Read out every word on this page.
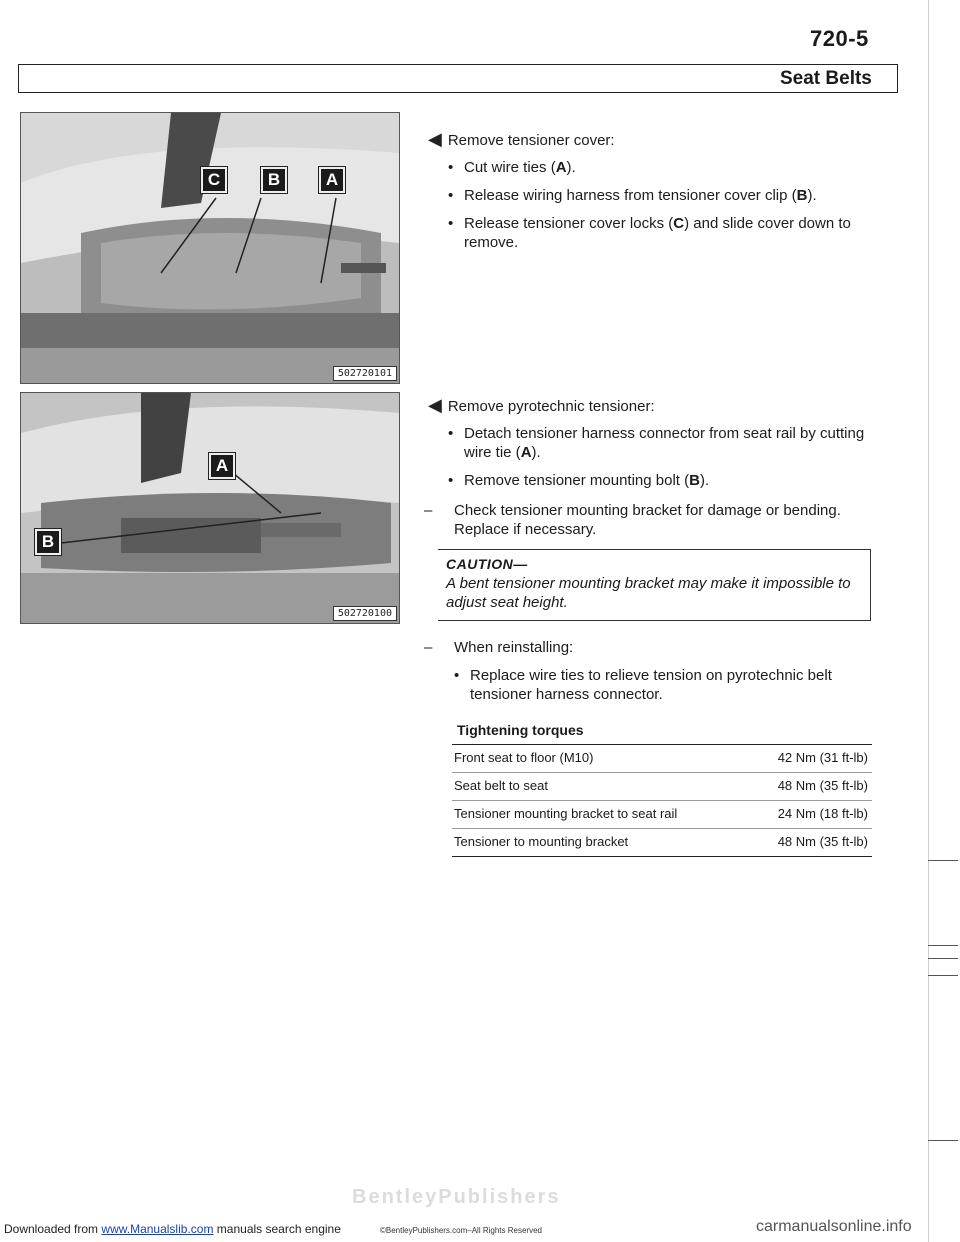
720-5
Seat Belts
C	B	A
502720101
A
B
502720100
◀︎ Remove tensioner cover:
• Cut wire ties (A).
• Release wiring harness from tensioner cover clip (B).
• Release tensioner cover locks (C) and slide cover down to remove.
◀︎ Remove pyrotechnic tensioner:
• Detach tensioner harness connector from seat rail by cutting wire tie (A).
• Remove tensioner mounting bolt (B).
– Check tensioner mounting bracket for damage or bending. Replace if necessary.
CAUTION—
A bent tensioner mounting bracket may make it impossible to adjust seat height.
– When reinstalling:
• Replace wire ties to relieve tension on pyrotechnic belt tensioner harness connector.
Tightening torques
Front seat to floor (M10)	42 Nm (31 ft-lb)
Seat belt to seat	48 Nm (35 ft-lb)
Tensioner mounting bracket to seat rail	24 Nm (18 ft-lb)
Tensioner to mounting bracket	48 Nm (35 ft-lb)
BentleyPublishers
Downloaded from www.Manualslib.com manuals search engine	©BentleyPublishers.com–All Rights Reserved	carmanualsonline.info
